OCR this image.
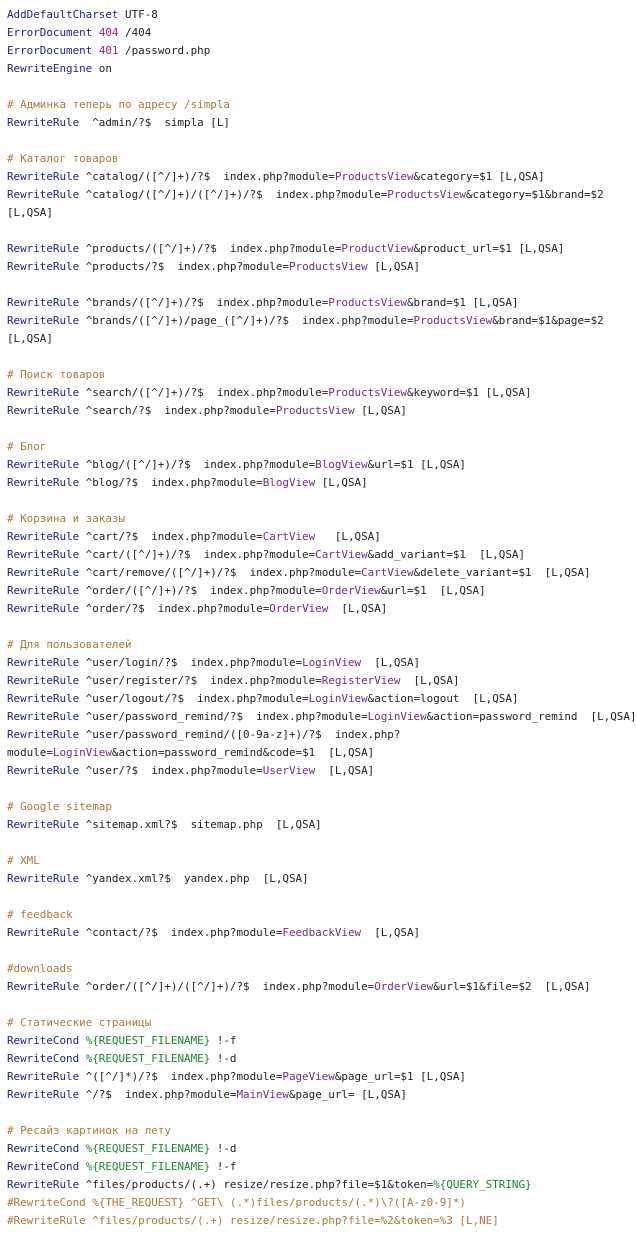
AddDefaultCharset UTF-8
ErrorDocument 404 /404
ErrorDocument 401 /password.php
RewriteEngine on

# Админка теперь по адресу /simpla
RewriteRule  ^admin/?$  simpla [L]

# Каталог товаров
RewriteRule ^catalog/([^/]+)/?$  index.php?module=ProductsView&category=$1 [L,QSA]
RewriteRule ^catalog/([^/]+)/([^/]+)/?$  index.php?module=ProductsView&category=$1&brand=$2
[L,QSA]

RewriteRule ^products/([^/]+)/?$  index.php?module=ProductView&product_url=$1 [L,QSA]
RewriteRule ^products/?$  index.php?module=ProductsView [L,QSA]

RewriteRule ^brands/([^/]+)/?$  index.php?module=ProductsView&brand=$1 [L,QSA]
RewriteRule ^brands/([^/]+)/page_([^/]+)/?$  index.php?module=ProductsView&brand=$1&page=$2
[L,QSA]

# Поиск товаров
RewriteRule ^search/([^/]+)/?$  index.php?module=ProductsView&keyword=$1 [L,QSA]
RewriteRule ^search/?$  index.php?module=ProductsView [L,QSA]

# Блог
RewriteRule ^blog/([^/]+)/?$  index.php?module=BlogView&url=$1 [L,QSA]
RewriteRule ^blog/?$  index.php?module=BlogView [L,QSA]

# Корзина и заказы
RewriteRule ^cart/?$  index.php?module=CartView   [L,QSA]
RewriteRule ^cart/([^/]+)/?$  index.php?module=CartView&add_variant=$1  [L,QSA]
RewriteRule ^cart/remove/([^/]+)/?$  index.php?module=CartView&delete_variant=$1  [L,QSA]
RewriteRule ^order/([^/]+)/?$  index.php?module=OrderView&url=$1  [L,QSA]
RewriteRule ^order/?$  index.php?module=OrderView  [L,QSA]

# Для пользователей
RewriteRule ^user/login/?$  index.php?module=LoginView  [L,QSA]
RewriteRule ^user/register/?$  index.php?module=RegisterView  [L,QSA]
RewriteRule ^user/logout/?$  index.php?module=LoginView&action=logout  [L,QSA]
RewriteRule ^user/password_remind/?$  index.php?module=LoginView&action=password_remind  [L,QSA]
RewriteRule ^user/password_remind/([0-9a-z]+)/?$  index.php?
module=LoginView&action=password_remind&code=$1  [L,QSA]
RewriteRule ^user/?$  index.php?module=UserView  [L,QSA]

# Google sitemap
RewriteRule ^sitemap.xml?$  sitemap.php  [L,QSA]

# XML
RewriteRule ^yandex.xml?$  yandex.php  [L,QSA]

# feedback
RewriteRule ^contact/?$  index.php?module=FeedbackView  [L,QSA]

#downloads
RewriteRule ^order/([^/]+)/([^/]+)/?$  index.php?module=OrderView&url=$1&file=$2  [L,QSA]

# Статические страницы
RewriteCond %{REQUEST_FILENAME} !-f
RewriteCond %{REQUEST_FILENAME} !-d
RewriteRule ^([^/]*)/?$  index.php?module=PageView&page_url=$1 [L,QSA]
RewriteRule ^/?$  index.php?module=MainView&page_url= [L,QSA]

# Ресайз картинок на лету
RewriteCond %{REQUEST_FILENAME} !-d
RewriteCond %{REQUEST_FILENAME} !-f
RewriteRule ^files/products/(.+) resize/resize.php?file=$1&token=%{QUERY_STRING}
#RewriteCond %{THE_REQUEST} ^GET\ (.*)files/products/(.*)\?([A-z0-9]*)
#RewriteRule ^files/products/(.+) resize/resize.php?file=%2&token=%3 [L,NE]
